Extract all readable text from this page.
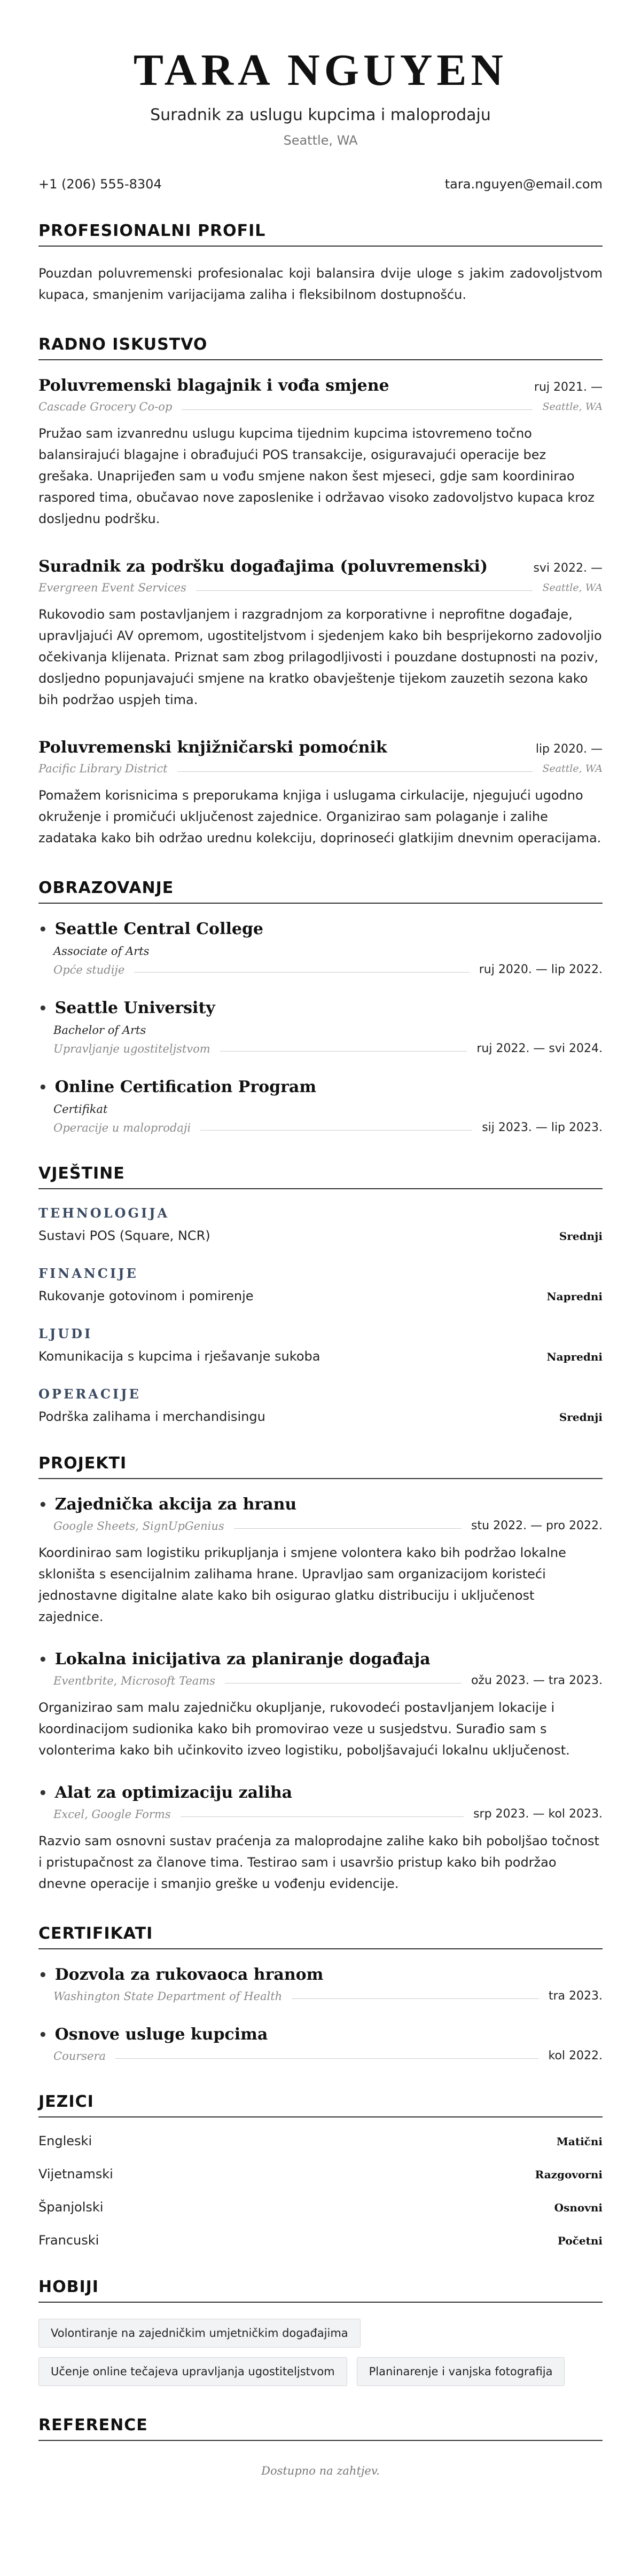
TARA NGUYEN
Suradnik za uslugu kupcima i maloprodaju
Seattle, WA
+1 (206) 555-8304	tara.nguyen@email.com
PROFESIONALNI PROFIL
Pouzdan poluvremenski profesionalac koji balansira dvije uloge s jakim zadovoljstvom kupaca, smanjenim varijacijama zaliha i fleksibilnom dostupnošću.
RADNO ISKUSTVO
Poluvremenski blagajnik i vođa smjene	ruj 2021. —
Cascade Grocery Co-op	Seattle, WA
Pružao sam izvanrednu uslugu kupcima tijednim kupcima istovremeno točno balansirajući blagajne i obrađujući POS transakcije, osiguravajući operacije bez grešaka. Unaprijeđen sam u vođu smjene nakon šest mjeseci, gdje sam koordinirao raspored tima, obučavao nove zaposlenike i održavao visoko zadovoljstvo kupaca kroz dosljednu podršku.
Suradnik za podršku događajima (poluvremenski)	svi 2022. —
Evergreen Event Services	Seattle, WA
Rukovodio sam postavljanjem i razgradnjom za korporativne i neprofitne događaje, upravljajući AV opremom, ugostiteljstvom i sjedenjem kako bih besprijekorno zadovoljio očekivanja klijenata. Priznat sam zbog prilagodljivosti i pouzdane dostupnosti na poziv, dosljedno popunjavajući smjene na kratko obavještenje tijekom zauzetih sezona kako bih podržao uspjeh tima.
Poluvremenski knjižničarski pomoćnik	lip 2020. —
Pacific Library District	Seattle, WA
Pomažem korisnicima s preporukama knjiga i uslugama cirkulacije, njegujući ugodno okruženje i promičući uključenost zajednice. Organizirao sam polaganje i zalihe zadataka kako bih održao urednu kolekciju, doprinoseći glatkijim dnevnim operacijama.
OBRAZOVANJE
• Seattle Central College
Associate of Arts
Opće studije	ruj 2020. — lip 2022.
• Seattle University
Bachelor of Arts
Upravljanje ugostiteljstvom	ruj 2022. — svi 2024.
• Online Certification Program
Certifikat
Operacije u maloprodaji	sij 2023. — lip 2023.
VJEŠTINE
TEHNOLOGIJA
Sustavi POS (Square, NCR)	Srednji
FINANCIJE
Rukovanje gotovinom i pomirenje	Napredni
LJUDI
Komunikacija s kupcima i rješavanje sukoba	Napredni
OPERACIJE
Podrška zalihama i merchandisingu	Srednji
PROJEKTI
• Zajednička akcija za hranu
Google Sheets, SignUpGenius	stu 2022. — pro 2022.
Koordinirao sam logistiku prikupljanja i smjene volontera kako bih podržao lokalne skloništa s esencijalnim zalihama hrane. Upravljao sam organizacijom koristeći jednostavne digitalne alate kako bih osigurao glatku distribuciju i uključenost zajednice.
• Lokalna inicijativa za planiranje događaja
Eventbrite, Microsoft Teams	ožu 2023. — tra 2023.
Organizirao sam malu zajedničku okupljanje, rukovodeći postavljanjem lokacije i koordinacijom sudionika kako bih promovirao veze u susjedstvu. Surađio sam s volonterima kako bih učinkovito izveo logistiku, poboljšavajući lokalnu uključenost.
• Alat za optimizaciju zaliha
Excel, Google Forms	srp 2023. — kol 2023.
Razvio sam osnovni sustav praćenja za maloprodajne zalihe kako bih poboljšao točnost i pristupačnost za članove tima. Testirao sam i usavršio pristup kako bih podržao dnevne operacije i smanjio greške u vođenju evidencije.
CERTIFIKATI
• Dozvola za rukovaoca hranom
Washington State Department of Health	tra 2023.
• Osnove usluge kupcima
Coursera	kol 2022.
JEZICI
Engleski	Matični
Vijetnamski	Razgovorni
Španjolski	Osnovni
Francuski	Početni
HOBIJI
Volontiranje na zajedničkim umjetničkim događajima
Učenje online tečajeva upravljanja ugostiteljstvom	Planinarenje i vanjska fotografija
REFERENCE
Dostupno na zahtjev.
